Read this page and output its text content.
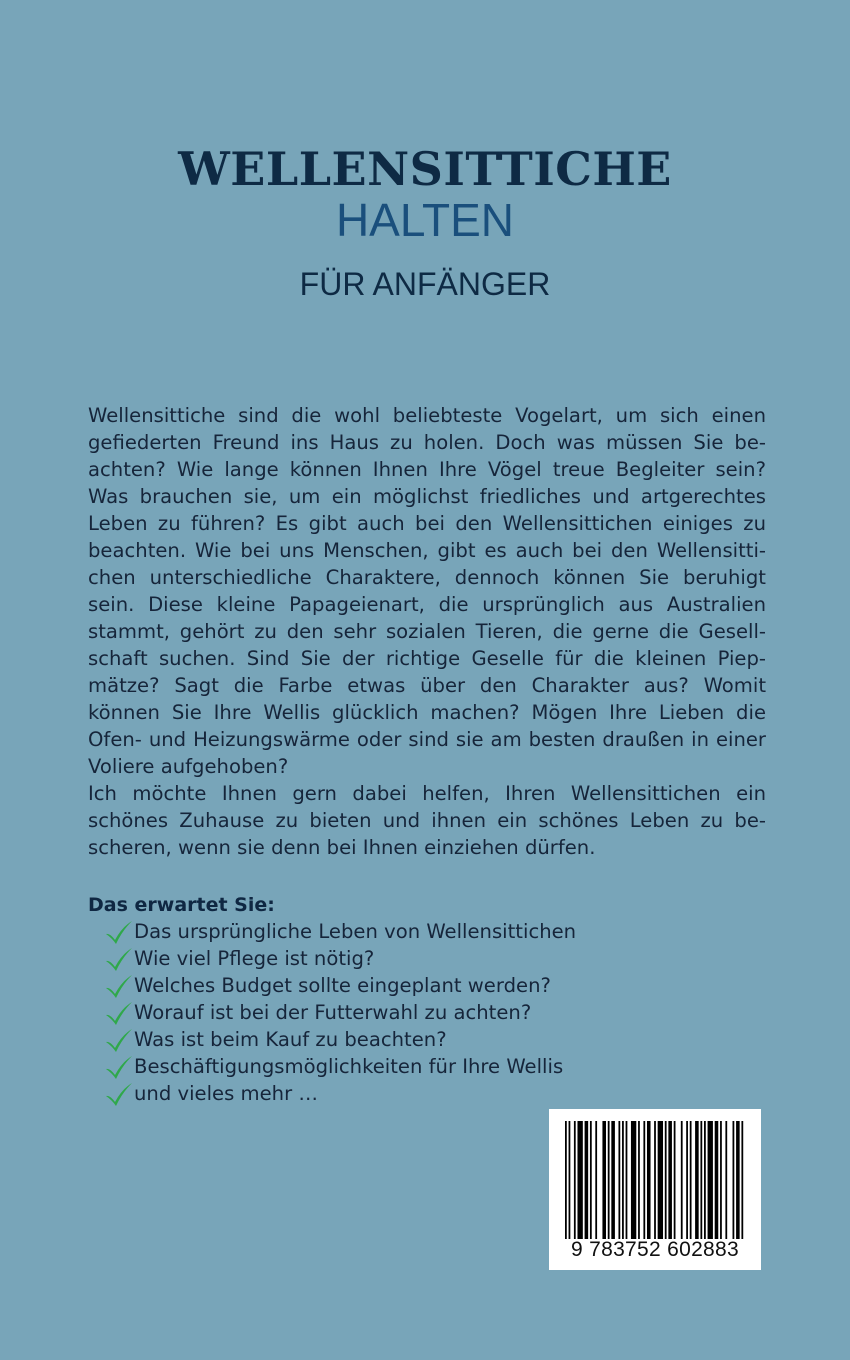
WELLENSITTICHE
HALTEN
FÜR ANFÄNGER

Wellensittiche sind die wohl beliebteste Vogelart, um sich einen gefiederten Freund ins Haus zu holen. Doch was müssen Sie beachten? Wie lange können Ihnen Ihre Vögel treue Begleiter sein? Was brauchen sie, um ein möglichst friedliches und artgerechtes Leben zu führen? Es gibt auch bei den Wellensittichen einiges zu beachten. Wie bei uns Menschen, gibt es auch bei den Wellensittichen unterschiedliche Charaktere, dennoch können Sie beruhigt sein. Diese kleine Papageienart, die ursprünglich aus Australien stammt, gehört zu den sehr sozialen Tieren, die gerne die Gesellschaft suchen. Sind Sie der richtige Geselle für die kleinen Piepmätze? Sagt die Farbe etwas über den Charakter aus? Womit können Sie Ihre Wellis glücklich machen? Mögen Ihre Lieben die Ofen- und Heizungswärme oder sind sie am besten draußen in einer Voliere aufgehoben?

Ich möchte Ihnen gern dabei helfen, Ihren Wellensittichen ein schönes Zuhause zu bieten und ihnen ein schönes Leben zu bescheren, wenn sie denn bei Ihnen einziehen dürfen.

Das erwartet Sie:
Das ursprüngliche Leben von Wellensittichen
Wie viel Pflege ist nötig?
Welches Budget sollte eingeplant werden?
Worauf ist bei der Futterwahl zu achten?
Was ist beim Kauf zu beachten?
Beschäftigungsmöglichkeiten für Ihre Wellis
und vieles mehr …
9 783752 602883
